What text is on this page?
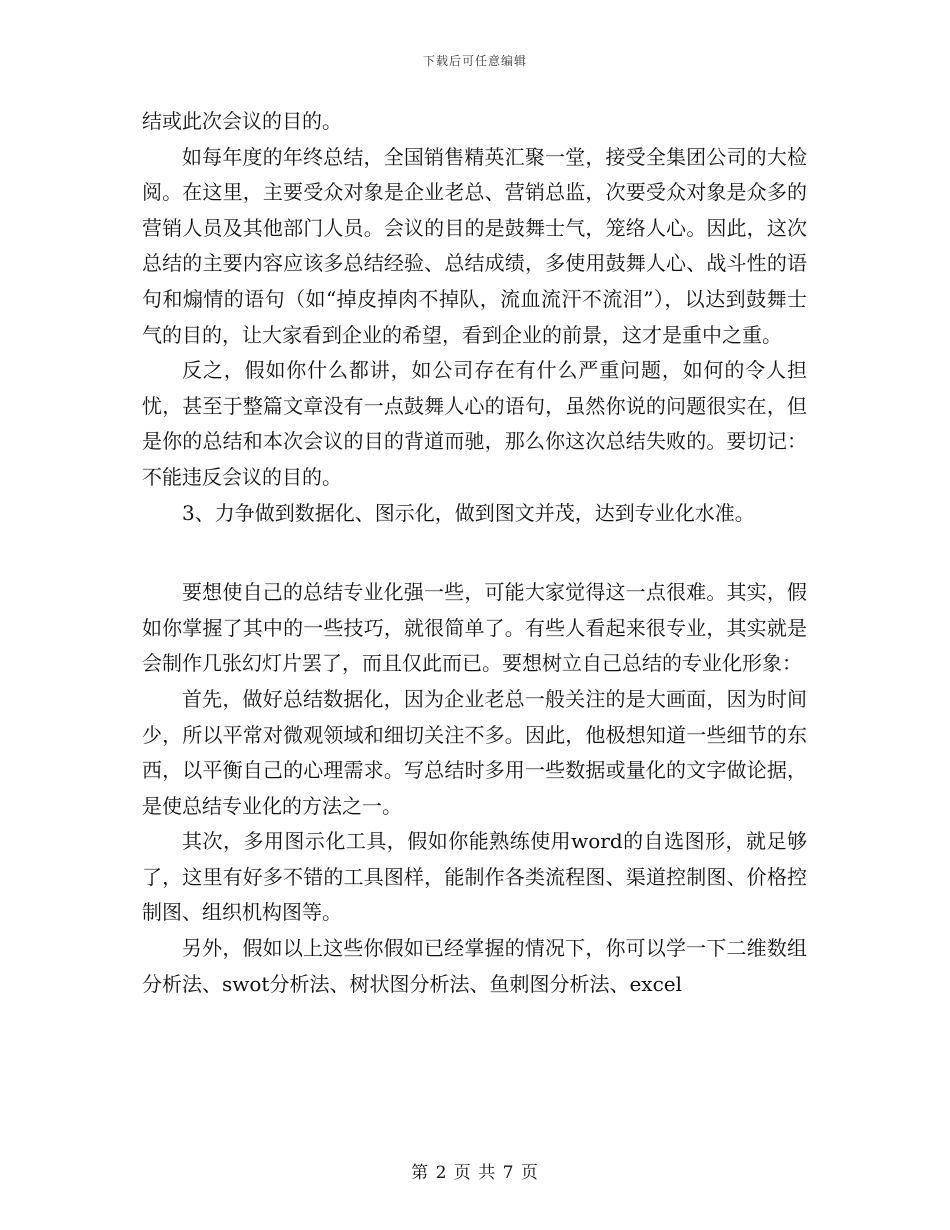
下载后可任意编辑

结或此次会议的目的。

如每年度的年终总结，全国销售精英汇聚一堂，接受全集团公司的大检阅。在这里，主要受众对象是企业老总、营销总监，次要受众对象是众多的营销人员及其他部门人员。会议的目的是鼓舞士气，笼络人心。因此，这次总结的主要内容应该多总结经验、总结成绩，多使用鼓舞人心、战斗性的语句和煽情的语句（如“掉皮掉肉不掉队，流血流汗不流泪”），以达到鼓舞士气的目的，让大家看到企业的希望，看到企业的前景，这才是重中之重。

反之，假如你什么都讲，如公司存在有什么严重问题，如何的令人担忧，甚至于整篇文章没有一点鼓舞人心的语句，虽然你说的问题很实在，但是你的总结和本次会议的目的背道而驰，那么你这次总结失败的。要切记：不能违反会议的目的。

3、力争做到数据化、图示化，做到图文并茂，达到专业化水准。

要想使自己的总结专业化强一些，可能大家觉得这一点很难。其实，假如你掌握了其中的一些技巧，就很简单了。有些人看起来很专业，其实就是会制作几张幻灯片罢了，而且仅此而已。要想树立自己总结的专业化形象：

首先，做好总结数据化，因为企业老总一般关注的是大画面，因为时间少，所以平常对微观领域和细切关注不多。因此，他极想知道一些细节的东西，以平衡自己的心理需求。写总结时多用一些数据或量化的文字做论据，是使总结专业化的方法之一。

其次，多用图示化工具，假如你能熟练使用word的自选图形，就足够了，这里有好多不错的工具图样，能制作各类流程图、渠道控制图、价格控制图、组织机构图等。

另外，假如以上这些你假如已经掌握的情况下，你可以学一下二维数组分析法、swot分析法、树状图分析法、鱼刺图分析法、excel

第 2 页 共 7 页
